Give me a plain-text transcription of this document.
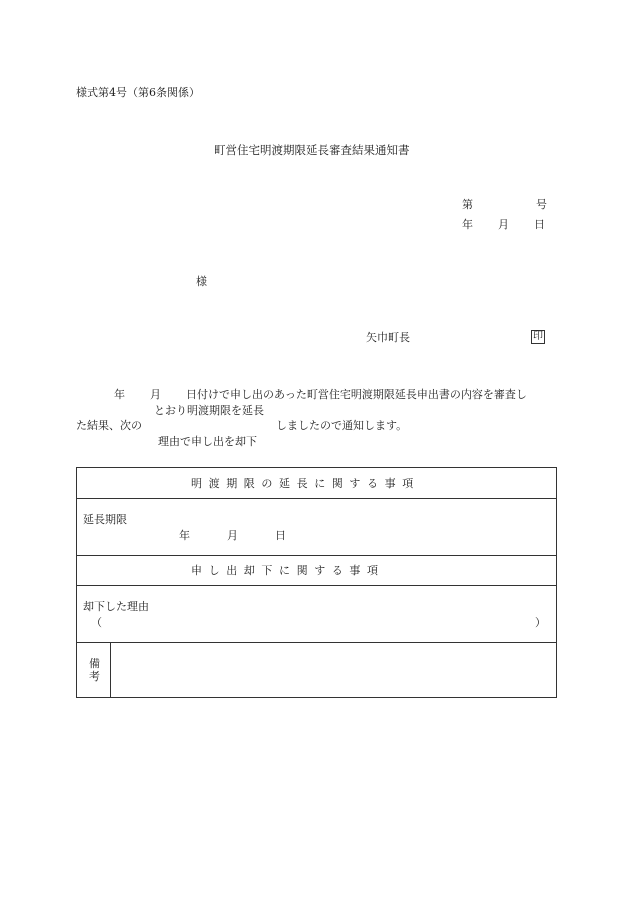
様式第4号（第6条関係）
町営住宅明渡期限延長審査結果通知書
第	号
年 月 日
様
矢巾町長	印
年 月 日付けで申し出のあった町営住宅明渡期限延長申出書の内容を審査し
とおり明渡期限を延長
た結果、次の	しましたので通知します。
理由で申し出を却下
明渡期限の延長に関する事項
延長期限
年	月	日
申し出却下に関する事項
却下した理由
（	）
備考
